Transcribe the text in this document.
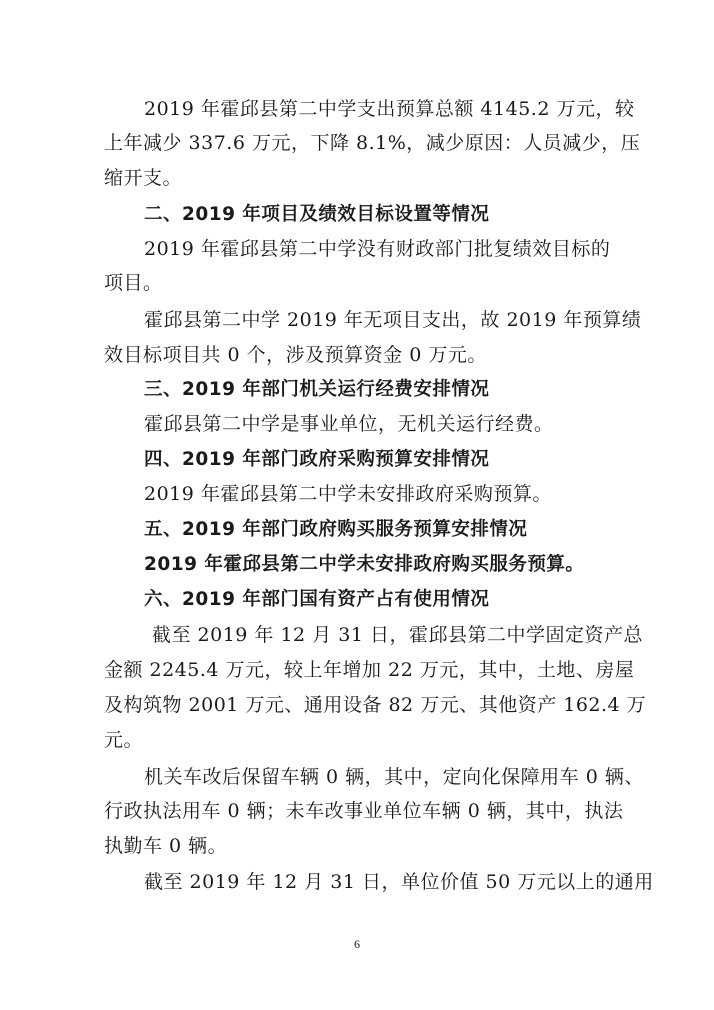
2019 年霍邱县第二中学支出预算总额 4145.2 万元，较
上年减少 337.6 万元，下降 8.1%，减少原因：人员减少，压
缩开支。
二、2019 年项目及绩效目标设置等情况
2019 年霍邱县第二中学没有财政部门批复绩效目标的
项目。
霍邱县第二中学 2019 年无项目支出，故 2019 年预算绩
效目标项目共 0 个，涉及预算资金 0 万元。
三、2019 年部门机关运行经费安排情况
霍邱县第二中学是事业单位，无机关运行经费。
四、2019 年部门政府采购预算安排情况
2019 年霍邱县第二中学未安排政府采购预算。
五、2019 年部门政府购买服务预算安排情况
2019 年霍邱县第二中学未安排政府购买服务预算。
六、2019 年部门国有资产占有使用情况
截至 2019 年 12 月 31 日，霍邱县第二中学固定资产总
金额 2245.4 万元，较上年增加 22 万元，其中，土地、房屋
及构筑物 2001 万元、通用设备 82 万元、其他资产 162.4 万
元。
机关车改后保留车辆 0 辆，其中，定向化保障用车 0 辆、
行政执法用车 0 辆；未车改事业单位车辆 0 辆，其中，执法
执勤车 0 辆。
截至 2019 年 12 月 31 日，单位价值 50 万元以上的通用
6
